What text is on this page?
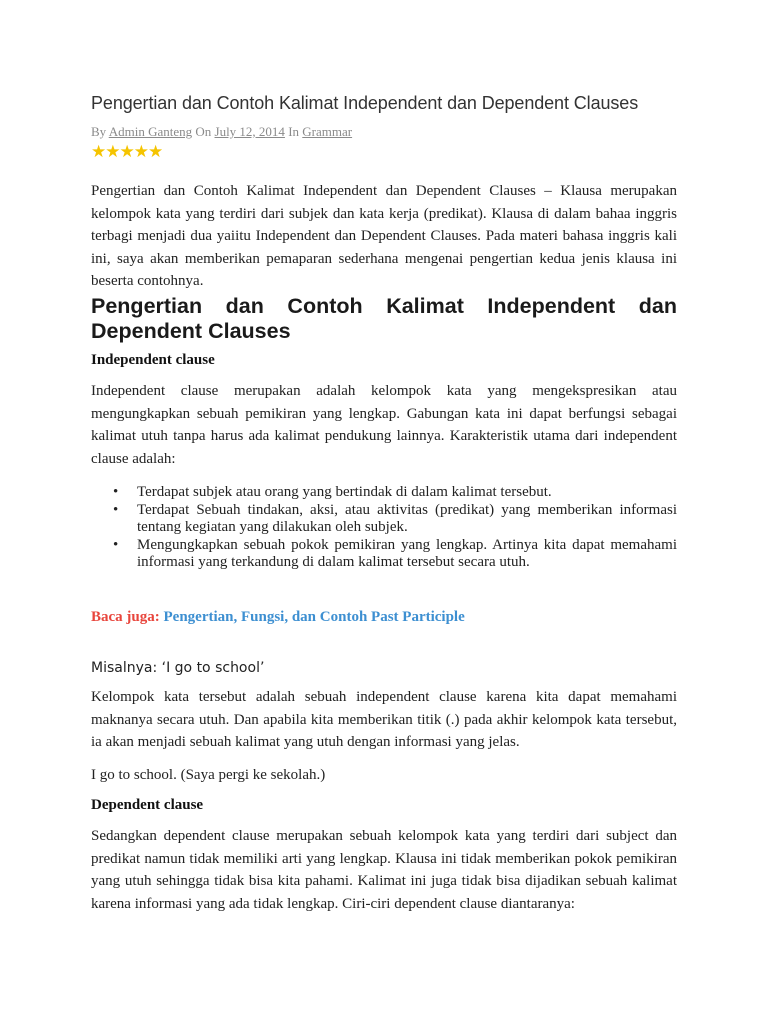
Pengertian dan Contoh Kalimat Independent dan Dependent Clauses
By Admin Ganteng On July 12, 2014 In Grammar
★★★★★

Pengertian dan Contoh Kalimat Independent dan Dependent Clauses – Klausa merupakan kelompok kata yang terdiri dari subjek dan kata kerja (predikat). Klausa di dalam bahaa inggris terbagi menjadi dua yaiitu Independent dan Dependent Clauses. Pada materi bahasa inggris kali ini, saya akan memberikan pemaparan sederhana mengenai pengertian kedua jenis klausa ini beserta contohnya.

Pengertian dan Contoh Kalimat Independent dan Dependent Clauses
Independent clause

Independent clause merupakan adalah kelompok kata yang mengekspresikan atau mengungkapkan sebuah pemikiran yang lengkap. Gabungan kata ini dapat berfungsi sebagai kalimat utuh tanpa harus ada kalimat pendukung lainnya. Karakteristik utama dari independent clause adalah:

• Terdapat subjek atau orang yang bertindak di dalam kalimat tersebut.
• Terdapat Sebuah tindakan, aksi, atau aktivitas (predikat) yang memberikan informasi tentang kegiatan yang dilakukan oleh subjek.
• Mengungkapkan sebuah pokok pemikiran yang lengkap. Artinya kita dapat memahami informasi yang terkandung di dalam kalimat tersebut secara utuh.
Baca juga: Pengertian, Fungsi, dan Contoh Past Participle
Misalnya: ‘I go to school’

Kelompok kata tersebut adalah sebuah independent clause karena kita dapat memahami maknanya secara utuh. Dan apabila kita memberikan titik (.) pada akhir kelompok kata tersebut, ia akan menjadi sebuah kalimat yang utuh dengan informasi yang jelas.

I go to school. (Saya pergi ke sekolah.)

Dependent clause

Sedangkan dependent clause merupakan sebuah kelompok kata yang terdiri dari subject dan predikat namun tidak memiliki arti yang lengkap. Klausa ini tidak memberikan pokok pemikiran yang utuh sehingga tidak bisa kita pahami. Kalimat ini juga tidak bisa dijadikan sebuah kalimat karena informasi yang ada tidak lengkap. Ciri-ciri dependent clause diantaranya:
